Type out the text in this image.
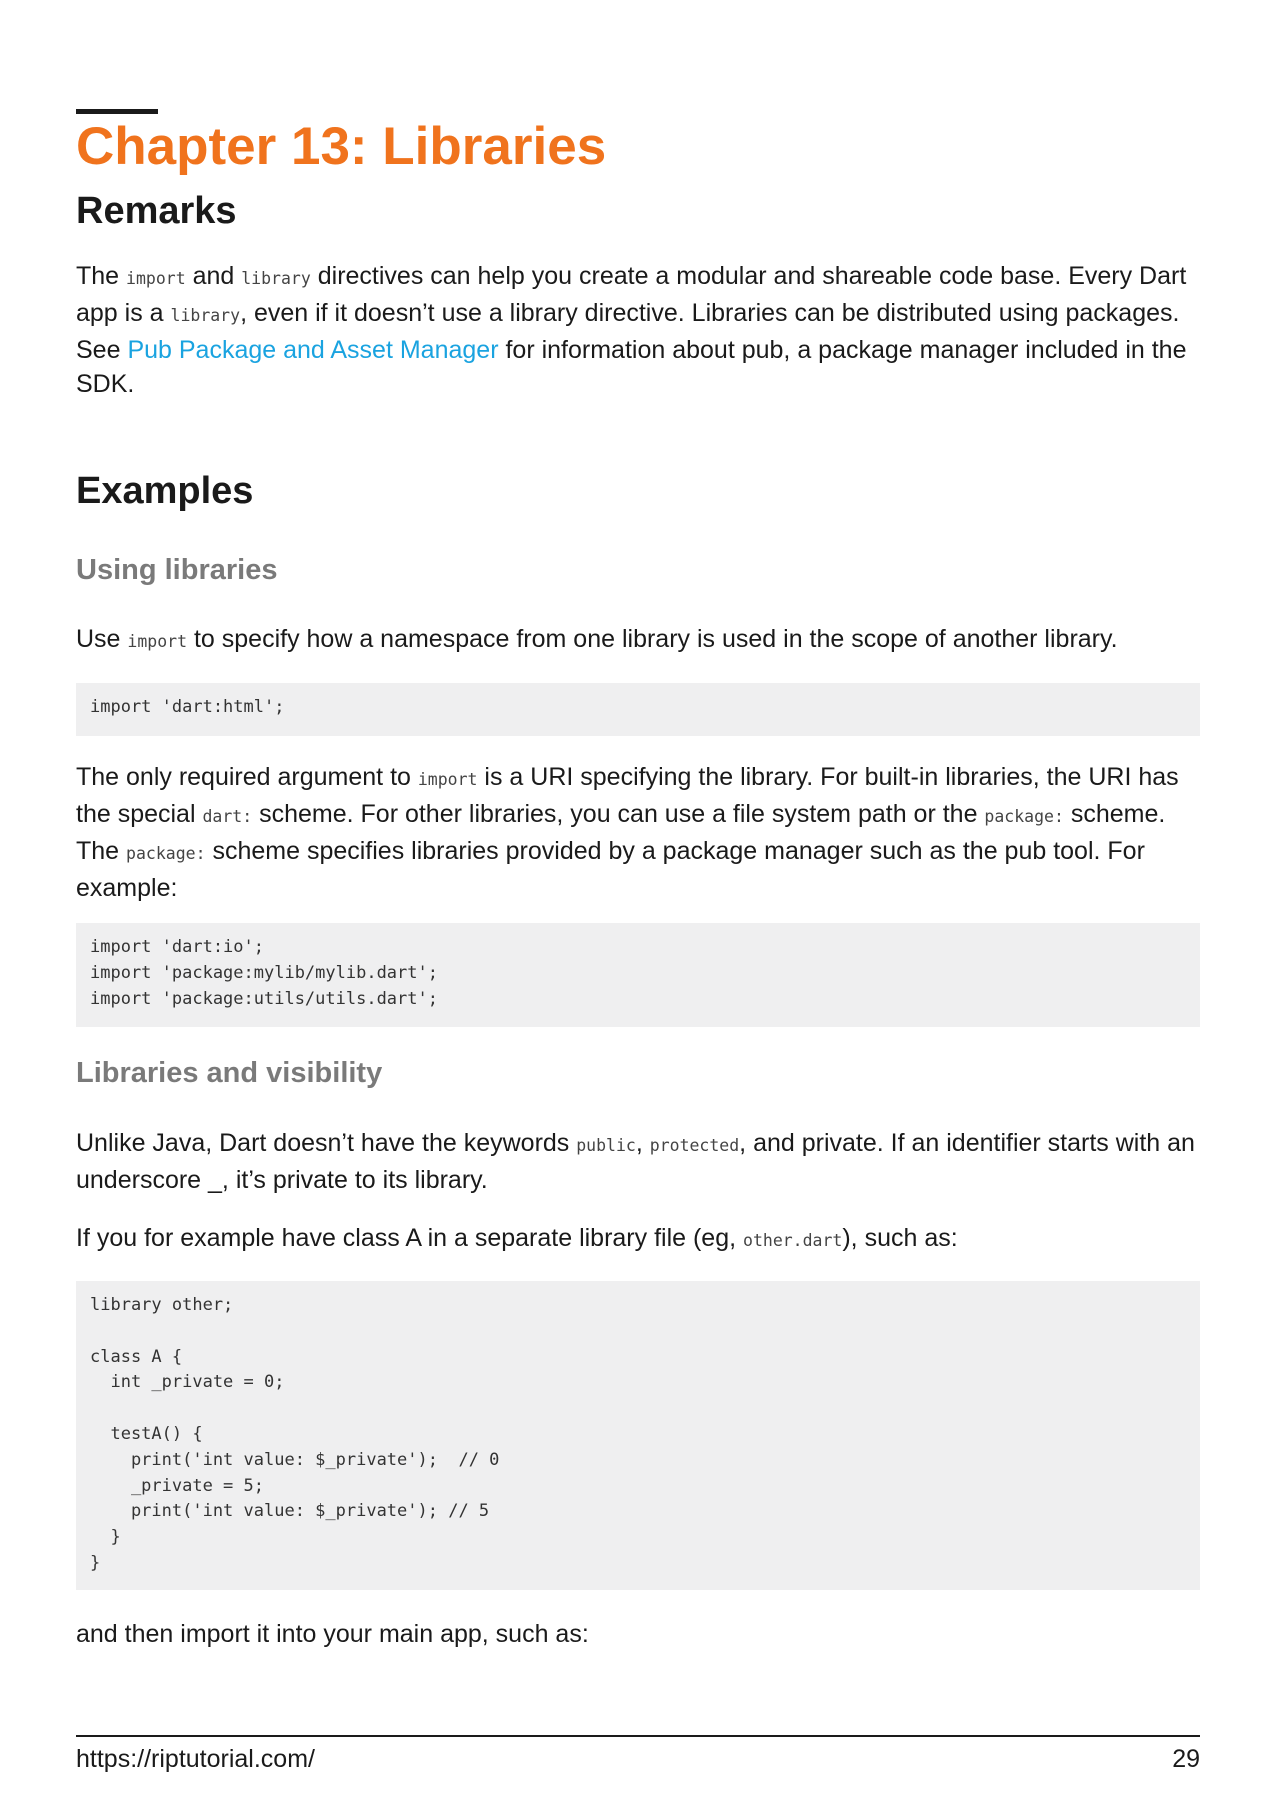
Chapter 13: Libraries
Remarks

The import and library directives can help you create a modular and shareable code base. Every Dart app is a library, even if it doesn’t use a library directive. Libraries can be distributed using packages. See Pub Package and Asset Manager for information about pub, a package manager included in the SDK.

Examples
Using libraries

Use import to specify how a namespace from one library is used in the scope of another library.

import 'dart:html';

The only required argument to import is a URI specifying the library. For built-in libraries, the URI has the special dart: scheme. For other libraries, you can use a file system path or the package: scheme. The package: scheme specifies libraries provided by a package manager such as the pub tool. For example:

import 'dart:io';
import 'package:mylib/mylib.dart';
import 'package:utils/utils.dart';
Libraries and visibility

Unlike Java, Dart doesn’t have the keywords public, protected, and private. If an identifier starts with an underscore _, it’s private to its library.

If you for example have class A in a separate library file (eg, other.dart), such as:

library other;

class A {
int _private = 0;

testA() {
print('int value: $_private');  // 0
_private = 5;
print('int value: $_private'); // 5
}
}

and then import it into your main app, such as:

https://riptutorial.com/	29
